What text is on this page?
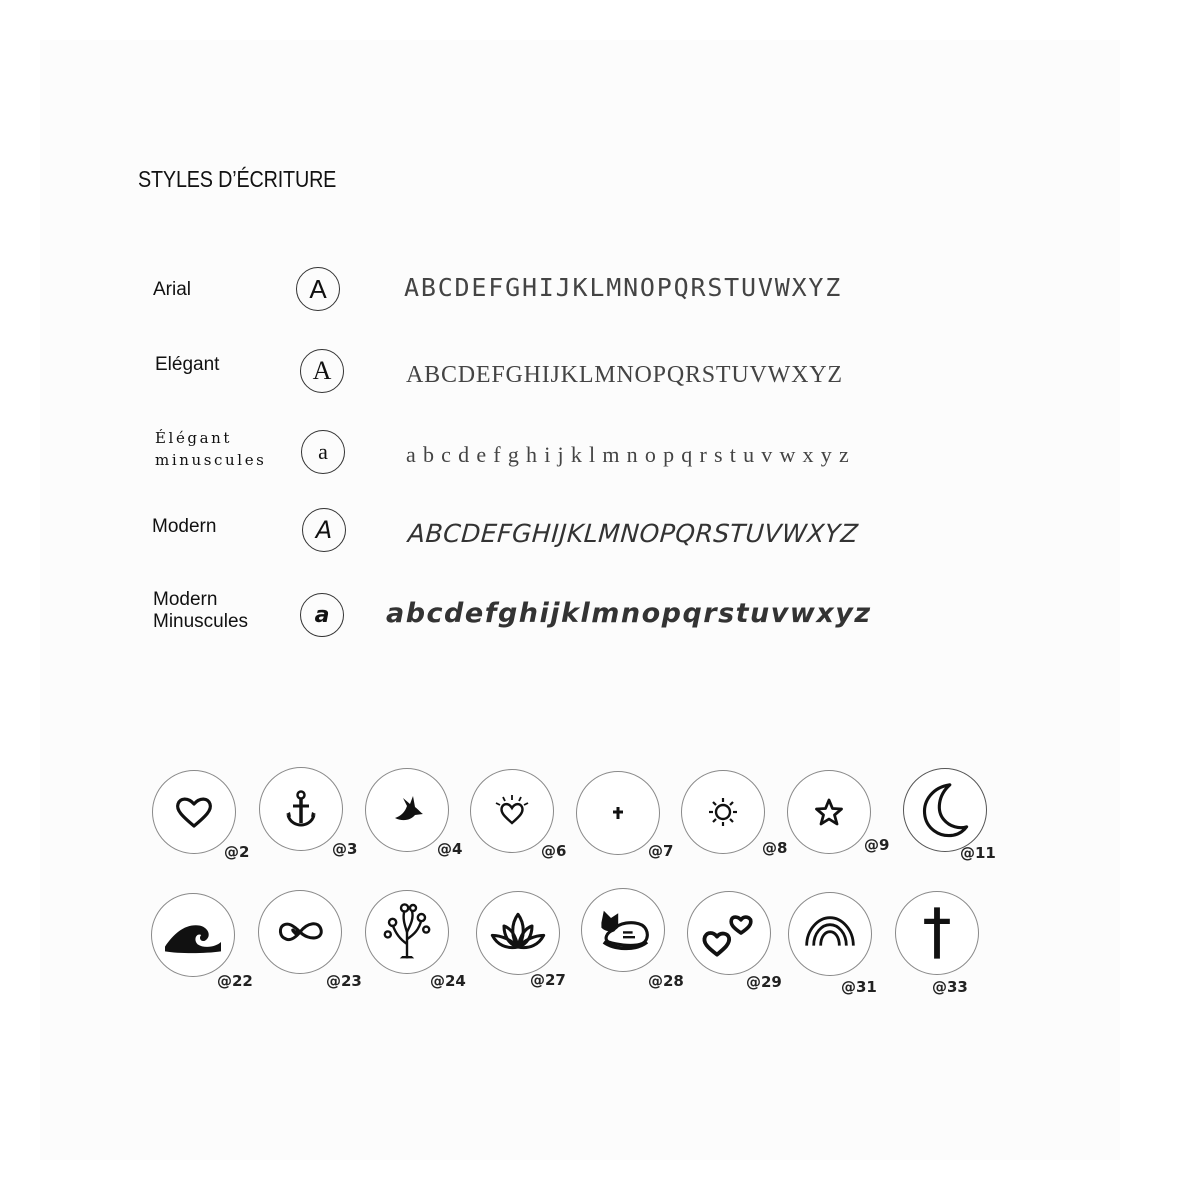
STYLES D’ÉCRITURE
Arial	A	ABCDEFGHIJKLMNOPQRSTUVWXYZ
Elégant	A	ABCDEFGHIJKLMNOPQRSTUVWXYZ
Élégant
minuscules	a	abcdefghijklmnopqrstuvwxyz
Modern	A	ABCDEFGHIJKLMNOPQRSTUVWXYZ
Modern
Minuscules	a	abcdefghijklmnopqrstuvwxyz
@2	@3	@4	@6	@7	@8	@9	@11
@22	@23	@24	@27	@28	@29	@31	@33
